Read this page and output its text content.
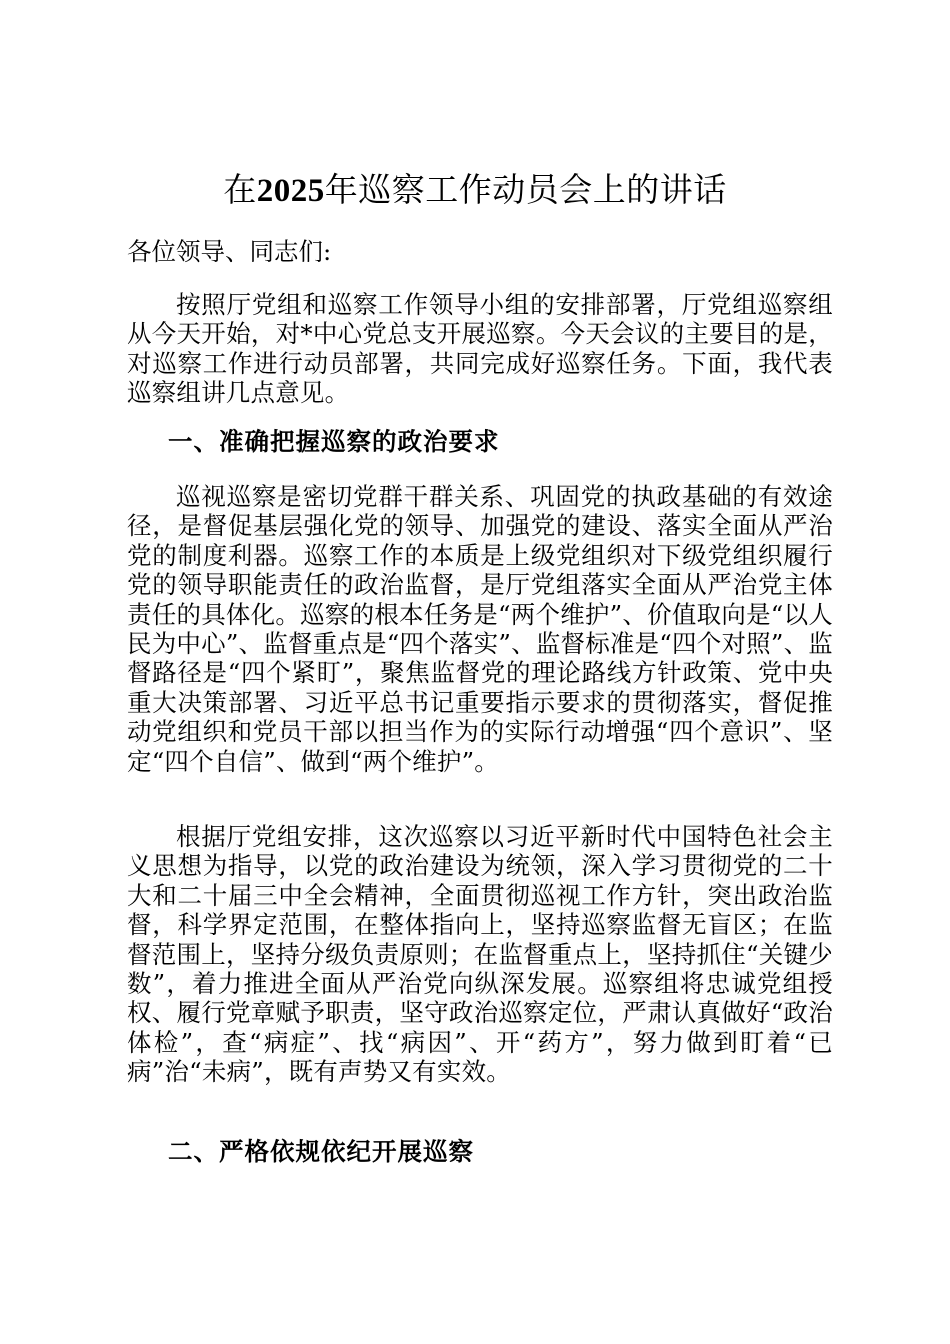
在2025年巡察工作动员会上的讲话
各位领导、同志们:
按照厅党组和巡察工作领导小组的安排部署，厅党组巡察组从今天开始，对*中心党总支开展巡察。今天会议的主要目的是，对巡察工作进行动员部署，共同完成好巡察任务。下面，我代表巡察组讲几点意见。
一、准确把握巡察的政治要求
巡视巡察是密切党群干群关系、巩固党的执政基础的有效途径，是督促基层强化党的领导、加强党的建设、落实全面从严治党的制度利器。巡察工作的本质是上级党组织对下级党组织履行党的领导职能责任的政治监督，是厅党组落实全面从严治党主体责任的具体化。巡察的根本任务是“两个维护”、价值取向是“以人民为中心”、监督重点是“四个落实”、监督标准是“四个对照”、监督路径是“四个紧盯”，聚焦监督党的理论路线方针政策、党中央重大决策部署、习近平总书记重要指示要求的贯彻落实，督促推动党组织和党员干部以担当作为的实际行动增强“四个意识”、坚定“四个自信”、做到“两个维护”。
根据厅党组安排，这次巡察以习近平新时代中国特色社会主义思想为指导，以党的政治建设为统领，深入学习贯彻党的二十大和二十届三中全会精神，全面贯彻巡视工作方针，突出政治监督，科学界定范围，在整体指向上，坚持巡察监督无盲区；在监督范围上，坚持分级负责原则；在监督重点上，坚持抓住“关键少数”，着力推进全面从严治党向纵深发展。巡察组将忠诚党组授权、履行党章赋予职责，坚守政治巡察定位，严肃认真做好“政治体检”，查“病症”、找“病因”、开“药方”，努力做到盯着“已病”治“未病”，既有声势又有实效。
二、严格依规依纪开展巡察
